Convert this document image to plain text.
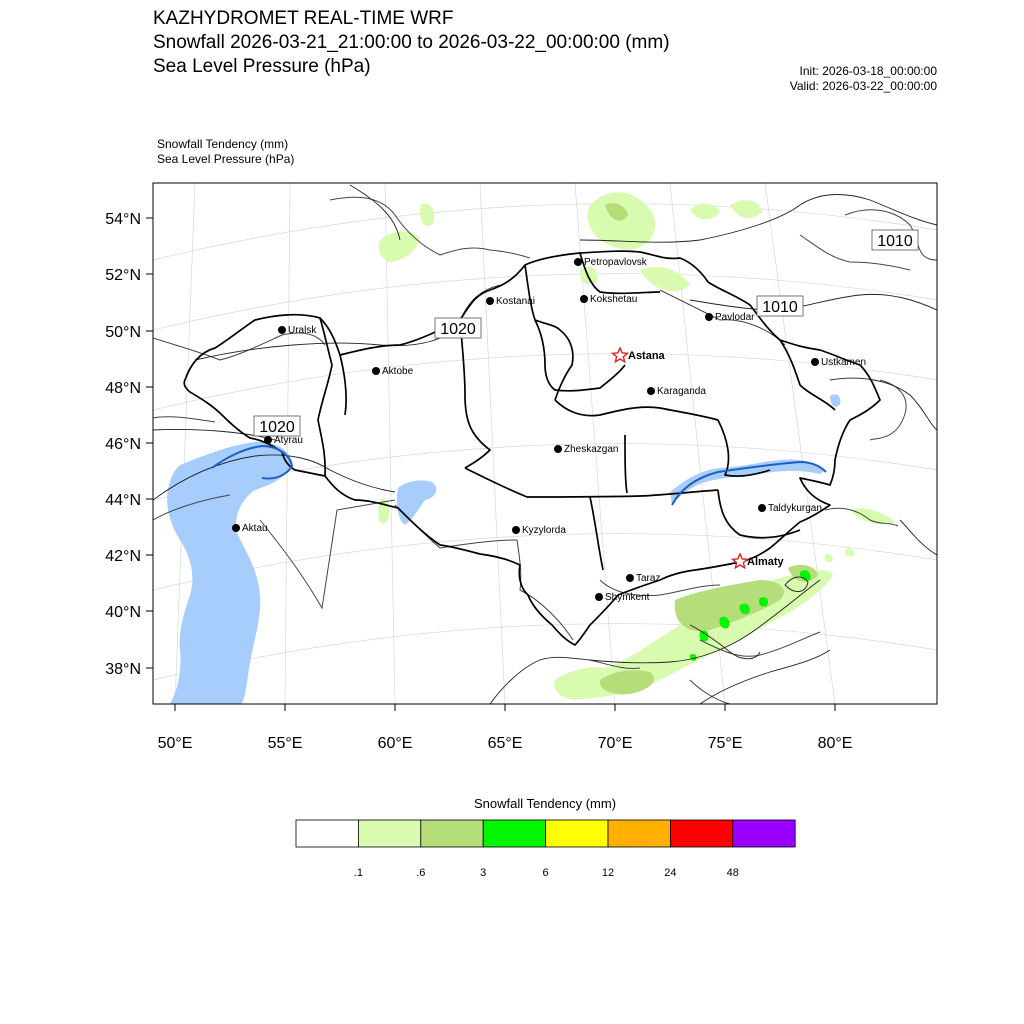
KAZHYDROMET REAL-TIME WRF
Snowfall 2026-03-21_21:00:00 to 2026-03-22_00:00:00 (mm)
Sea Level Pressure (hPa)	Init: 2026-03-18_00:00:00
Valid: 2026-03-22_00:00:00
Snowfall Tendency (mm)
Sea Level Pressure (hPa)
54°N
52°N
50°N
48°N
46°N
44°N
42°N
40°N
38°N
50°E	55°E	60°E	65°E	70°E	75°E	80°E
1010
1010
1020
1020
Petropavlovsk
Kostanai	Kokshetau
Pavlodar
Uralsk
Astana
Ustkamen
Aktobe
Karaganda
Atyrau
Zheskazgan
Aktau	Kyzylorda
Taldykurgan
Almaty
Taraz
Shymkent
Snowfall Tendency (mm)
.1	.6	3	6	12	24	48
